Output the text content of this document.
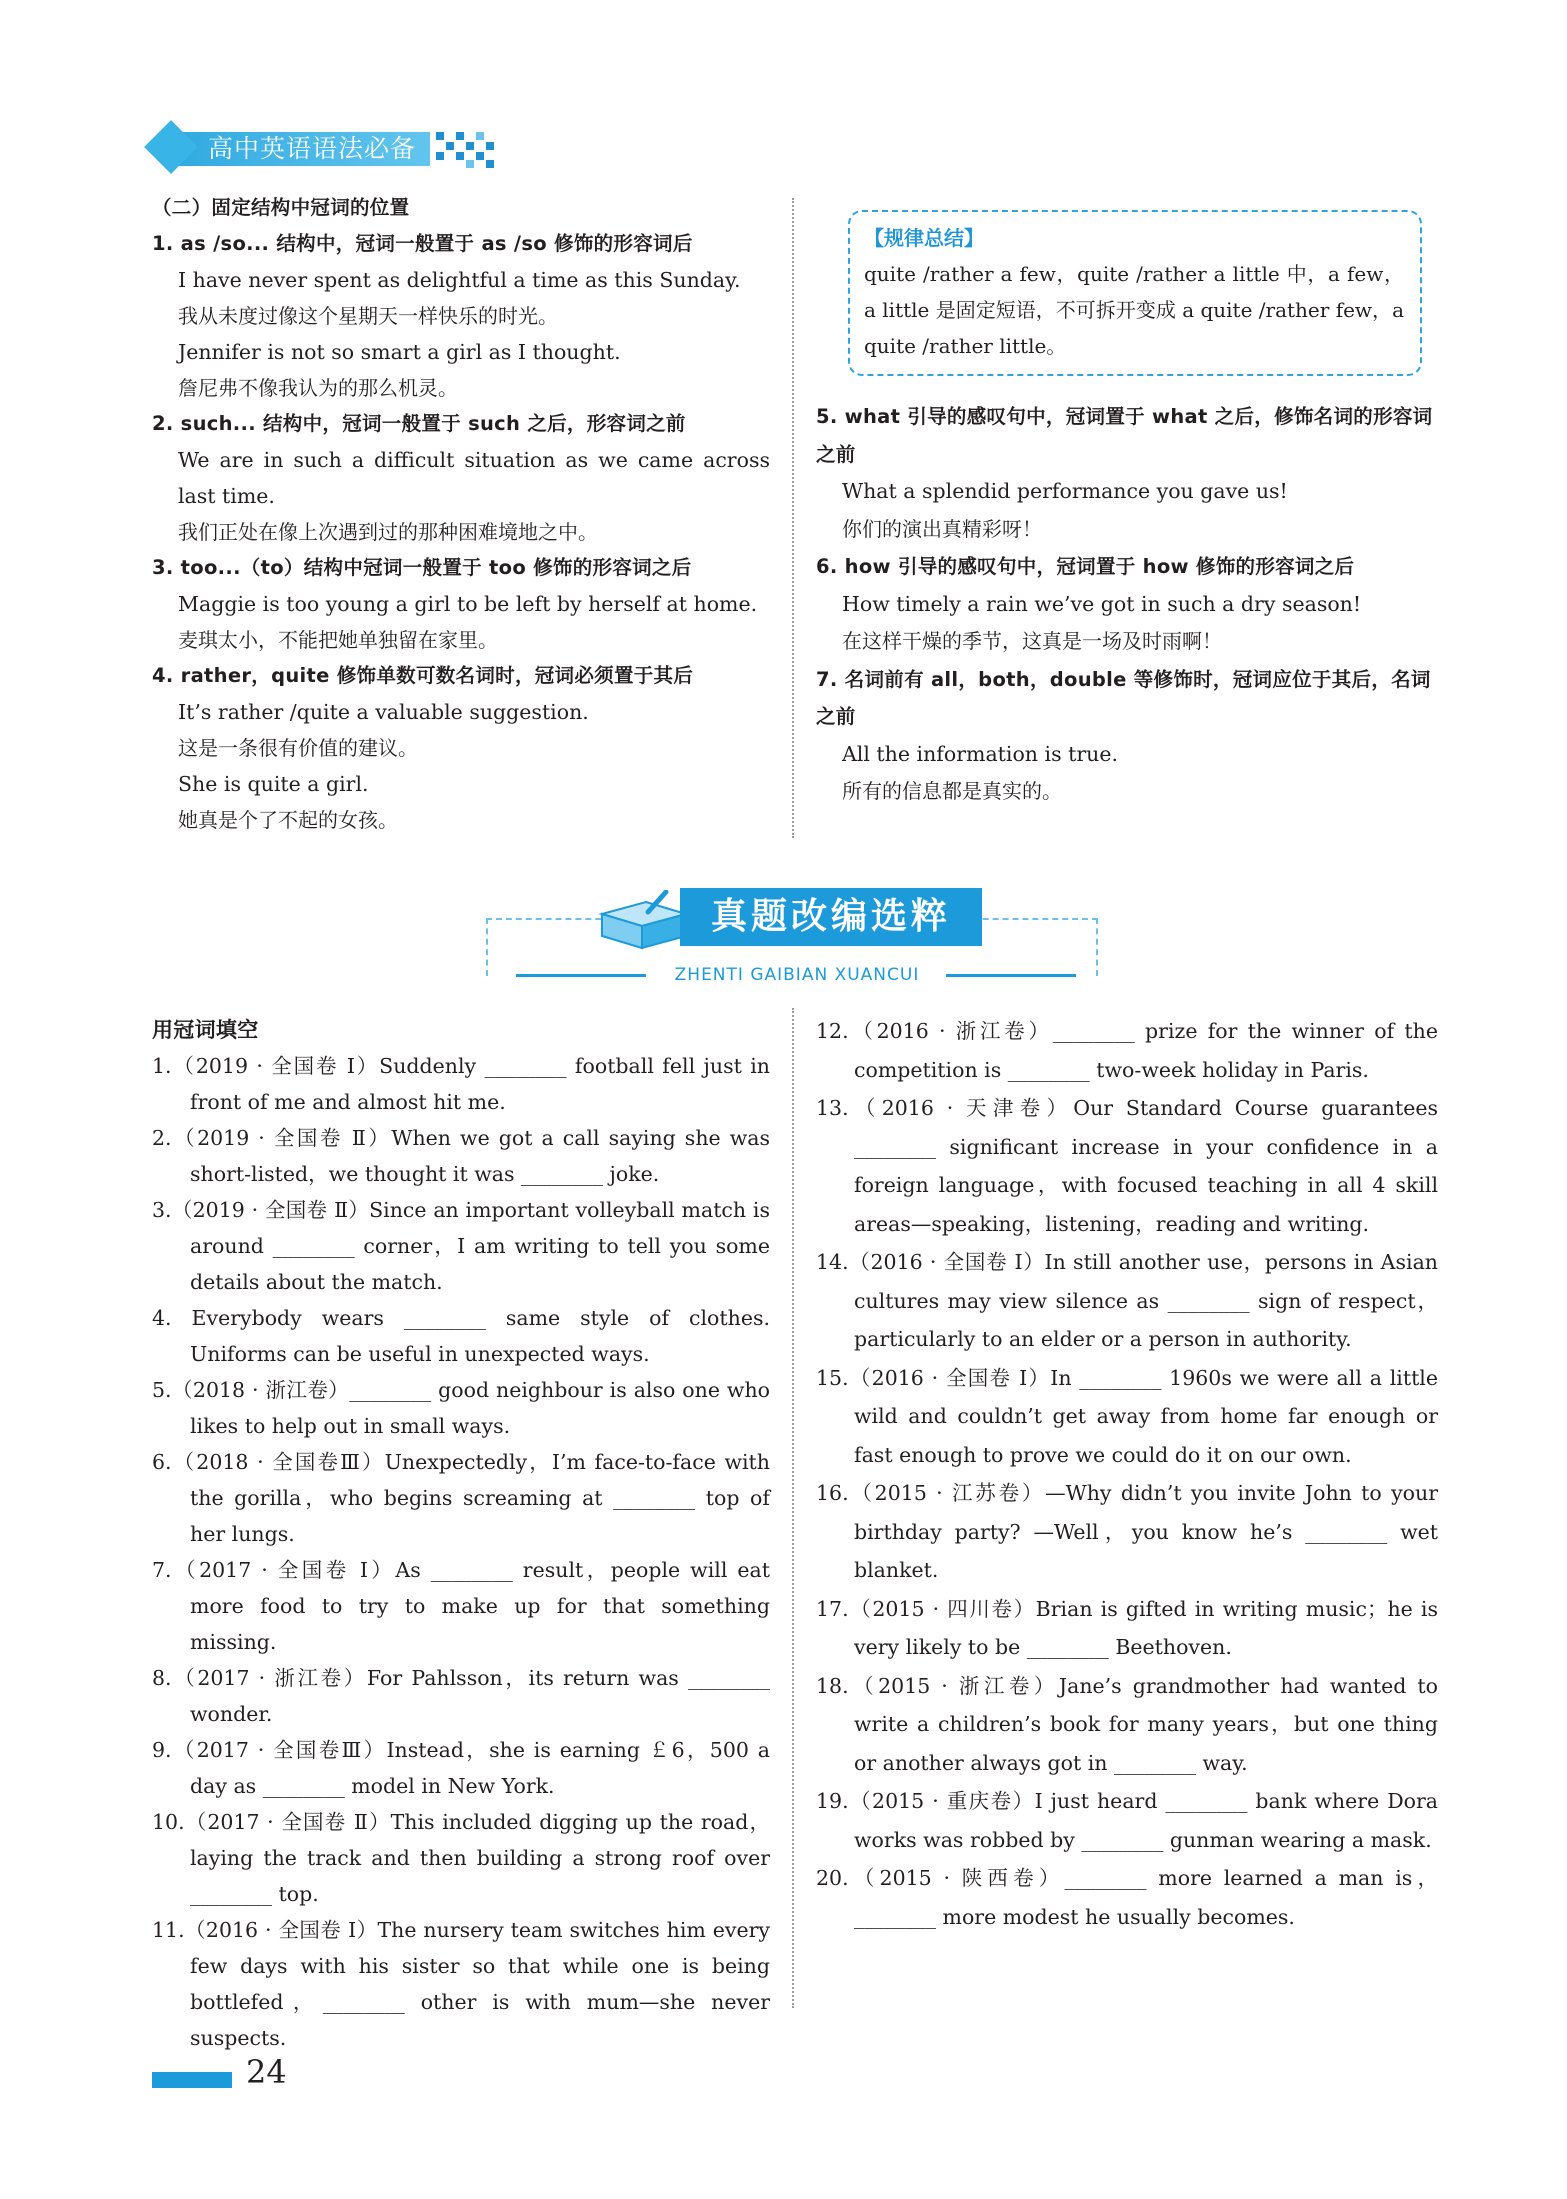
高中英语语法必备

（二）固定结构中冠词的位置

1. as /so... 结构中，冠词一般置于 as /so 修饰的形容词后

I have never spent as delightful a time as this Sunday.

我从未度过像这个星期天一样快乐的时光。

Jennifer is not so smart a girl as I thought.

詹尼弗不像我认为的那么机灵。

2. such... 结构中，冠词一般置于 such 之后，形容词之前

We are in such a difficult situation as we came across last time.

我们正处在像上次遇到过的那种困难境地之中。

3. too...（to）结构中冠词一般置于 too 修饰的形容词之后

Maggie is too young a girl to be left by herself at home.

麦琪太小，不能把她单独留在家里。

4. rather，quite 修饰单数可数名词时，冠词必须置于其后

It’s rather /quite a valuable suggestion.

这是一条很有价值的建议。

She is quite a girl.

她真是个了不起的女孩。

【规律总结】
quite /rather a few，quite /rather a little 中，a few，a little 是固定短语，不可拆开变成 a quite /rather few，a quite /rather little。

5. what 引导的感叹句中，冠词置于 what 之后，修饰名词的形容词之前

What a splendid performance you gave us!

你们的演出真精彩呀！

6. how 引导的感叹句中，冠词置于 how 修饰的形容词之后

How timely a rain we’ve got in such a dry season!

在这样干燥的季节，这真是一场及时雨啊！

7. 名词前有 all，both，double 等修饰时，冠词应位于其后，名词之前

All the information is true.

所有的信息都是真实的。

真题改编选粹
ZHENTI GAIBIAN XUANCUI
用冠词填空

1.（2019 · 全国卷 Ⅰ）Suddenly ________ football fell just in front of me and almost hit me.

2.（2019 · 全国卷 Ⅱ）When we got a call saying she was short-listed，we thought it was ________ joke.

3.（2019 · 全国卷 Ⅱ）Since an important volleyball match is around ________ corner，I am writing to tell you some details about the match.

4. Everybody wears ________ same style of clothes. Uniforms can be useful in unexpected ways.

5.（2018 · 浙江卷）________ good neighbour is also one who likes to help out in small ways.

6.（2018 · 全国卷Ⅲ）Unexpectedly，I’m face-to-face with the gorilla，who begins screaming at ________ top of her lungs.

7.（2017 · 全国卷 Ⅰ）As ________ result，people will eat more food to try to make up for that something missing.

8.（2017 · 浙江卷）For Pahlsson，its return was ________ wonder.

9.（2017 · 全国卷Ⅲ）Instead，she is earning ￡6，500 a day as ________ model in New York.

10.（2017 · 全国卷 Ⅱ）This included digging up the road，laying the track and then building a strong roof over ________ top.

11.（2016 · 全国卷 Ⅰ）The nursery team switches him every few days with his sister so that while one is being bottlefed，________ other is with mum—she never suspects.

12.（2016 · 浙江卷）________ prize for the winner of the competition is ________ two-week holiday in Paris.

13.（2016 · 天津卷）Our Standard Course guarantees ________ significant increase in your confidence in a foreign language，with focused teaching in all 4 skill areas—speaking，listening，reading and writing.

14.（2016 · 全国卷 Ⅰ）In still another use，persons in Asian cultures may view silence as ________ sign of respect，particularly to an elder or a person in authority.

15.（2016 · 全国卷 Ⅰ）In ________ 1960s we were all a little wild and couldn’t get away from home far enough or fast enough to prove we could do it on our own.

16.（2015 · 江苏卷）—Why didn’t you invite John to your birthday party? —Well，you know he’s ________ wet blanket.

17.（2015 · 四川卷）Brian is gifted in writing music；he is very likely to be ________ Beethoven.

18.（2015 · 浙江卷）Jane’s grandmother had wanted to write a children’s book for many years，but one thing or another always got in ________ way.

19.（2015 · 重庆卷）I just heard ________ bank where Dora works was robbed by ________ gunman wearing a mask.

20.（2015 · 陕西卷）________ more learned a man is，________ more modest he usually becomes.

24
